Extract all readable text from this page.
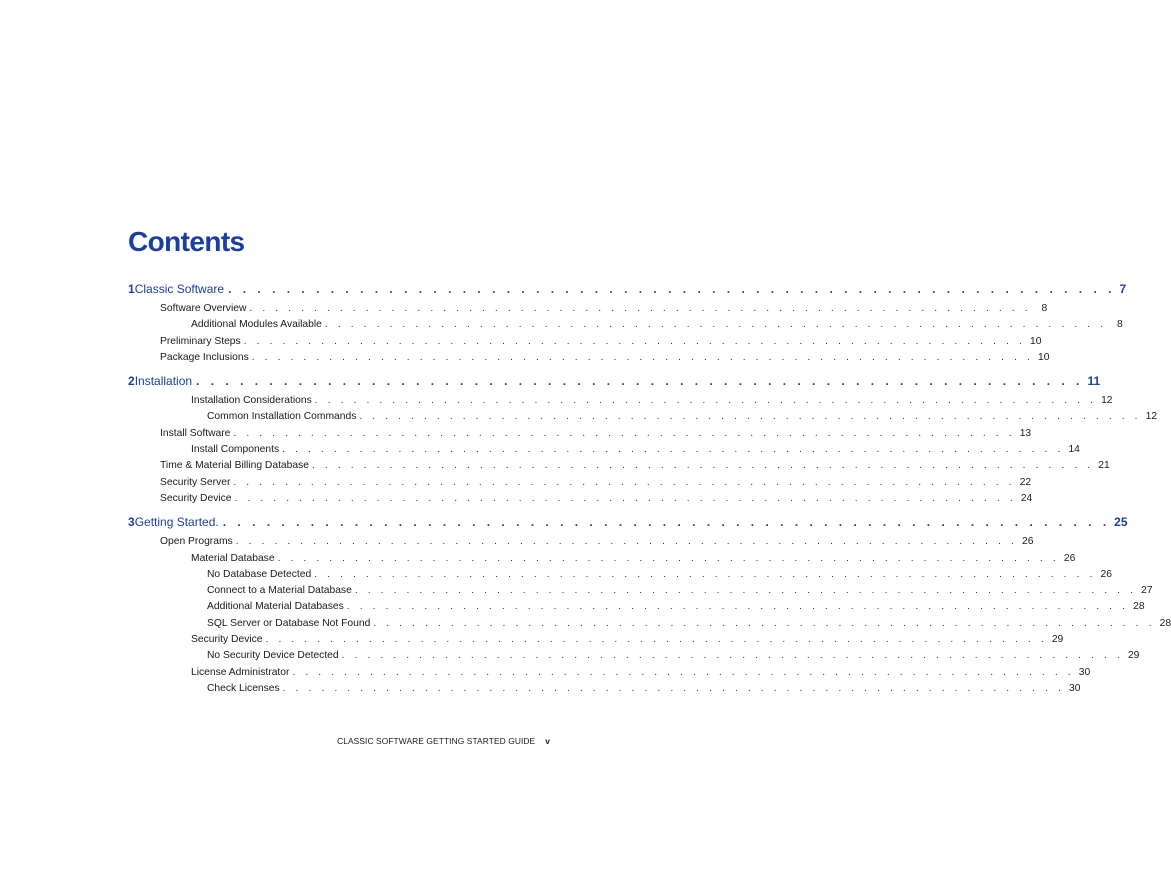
Contents
1 Classic Software . . . . . . . . . . . . . . . . . . . . . . . . . . . . . . . . . . . . . . . . . . . . . . . . . . . . . . . . . . . . . 7
Software Overview . . . . . . . . . . . . . . . . . . . . . . . . . . . . . . . . . . . . . . . . . . . . . . . . . . . . . . . . . . . . . 8
Additional Modules Available . . . . . . . . . . . . . . . . . . . . . . . . . . . . . . . . . . . . . . . . . . . . . . . . . . . . . . . . . . . . . 8
Preliminary Steps . . . . . . . . . . . . . . . . . . . . . . . . . . . . . . . . . . . . . . . . . . . . . . . . . . . . . . . . . . . . . 10
Package Inclusions . . . . . . . . . . . . . . . . . . . . . . . . . . . . . . . . . . . . . . . . . . . . . . . . . . . . . . . . . . . . . 10
2 Installation . . . . . . . . . . . . . . . . . . . . . . . . . . . . . . . . . . . . . . . . . . . . . . . . . . . . . . . . . . . . . 11
Installation Considerations . . . . . . . . . . . . . . . . . . . . . . . . . . . . . . . . . . . . . . . . . . . . . . . . . . . . . . . . . . . . . 12
Common Installation Commands . . . . . . . . . . . . . . . . . . . . . . . . . . . . . . . . . . . . . . . . . . . . . . . . . . . . . . . . . . . . . 12
Install Software . . . . . . . . . . . . . . . . . . . . . . . . . . . . . . . . . . . . . . . . . . . . . . . . . . . . . . . . . . . . . 13
Install Components . . . . . . . . . . . . . . . . . . . . . . . . . . . . . . . . . . . . . . . . . . . . . . . . . . . . . . . . . . . . . 14
Time & Material Billing Database . . . . . . . . . . . . . . . . . . . . . . . . . . . . . . . . . . . . . . . . . . . . . . . . . . . . . . . . . . . . . 21
Security Server . . . . . . . . . . . . . . . . . . . . . . . . . . . . . . . . . . . . . . . . . . . . . . . . . . . . . . . . . . . . . 22
Security Device . . . . . . . . . . . . . . . . . . . . . . . . . . . . . . . . . . . . . . . . . . . . . . . . . . . . . . . . . . . . . 24
3 Getting Started. . . . . . . . . . . . . . . . . . . . . . . . . . . . . . . . . . . . . . . . . . . . . . . . . . . . . . . . . . . . . . 25
Open Programs . . . . . . . . . . . . . . . . . . . . . . . . . . . . . . . . . . . . . . . . . . . . . . . . . . . . . . . . . . . . . 26
Material Database . . . . . . . . . . . . . . . . . . . . . . . . . . . . . . . . . . . . . . . . . . . . . . . . . . . . . . . . . . . . . 26
No Database Detected . . . . . . . . . . . . . . . . . . . . . . . . . . . . . . . . . . . . . . . . . . . . . . . . . . . . . . . . . . . . . 26
Connect to a Material Database . . . . . . . . . . . . . . . . . . . . . . . . . . . . . . . . . . . . . . . . . . . . . . . . . . . . . . . . . . . . . 27
Additional Material Databases . . . . . . . . . . . . . . . . . . . . . . . . . . . . . . . . . . . . . . . . . . . . . . . . . . . . . . . . . . . . . 28
SQL Server or Database Not Found . . . . . . . . . . . . . . . . . . . . . . . . . . . . . . . . . . . . . . . . . . . . . . . . . . . . . . . . . . . . . 28
Security Device . . . . . . . . . . . . . . . . . . . . . . . . . . . . . . . . . . . . . . . . . . . . . . . . . . . . . . . . . . . . . 29
No Security Device Detected . . . . . . . . . . . . . . . . . . . . . . . . . . . . . . . . . . . . . . . . . . . . . . . . . . . . . . . . . . . . . 29
License Administrator . . . . . . . . . . . . . . . . . . . . . . . . . . . . . . . . . . . . . . . . . . . . . . . . . . . . . . . . . . . . . 30
Check Licenses . . . . . . . . . . . . . . . . . . . . . . . . . . . . . . . . . . . . . . . . . . . . . . . . . . . . . . . . . . . . . 30
CLASSIC SOFTWARE GETTING STARTED GUIDE v
